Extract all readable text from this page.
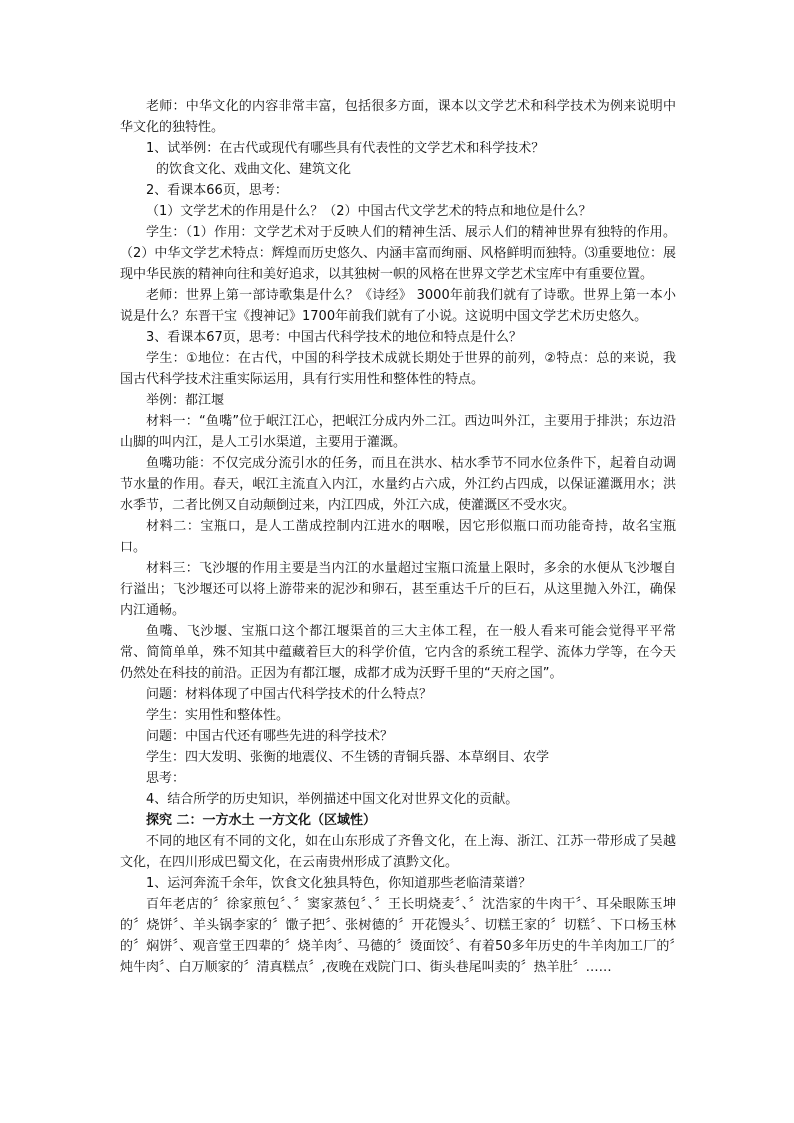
老师：中华文化的内容非常丰富，包括很多方面，课本以文学艺术和科学技术为例来说明中华文化的独特性。

1、试举例：在古代或现代有哪些具有代表性的文学艺术和科学技术？

的饮食文化、戏曲文化、建筑文化

2、看课本66页，思考：

（1）文学艺术的作用是什么？（2）中国古代文学艺术的特点和地位是什么？

学生：（1）作用：文学艺术对于反映人们的精神生活、展示人们的精神世界有独特的作用。（2）中华文学艺术特点：辉煌而历史悠久、内涵丰富而绚丽、风格鲜明而独特。⑶重要地位：展现中华民族的精神向往和美好追求，以其独树一帜的风格在世界文学艺术宝库中有重要位置。

老师：世界上第一部诗歌集是什么？《诗经》 3000年前我们就有了诗歌。世界上第一本小说是什么？东晋干宝《搜神记》1700年前我们就有了小说。这说明中国文学艺术历史悠久。

3、看课本67页，思考：中国古代科学技术的地位和特点是什么？

学生：①地位：在古代，中国的科学技术成就长期处于世界的前列，②特点：总的来说，我国古代科学技术注重实际运用，具有行实用性和整体性的特点。

举例：都江堰

材料一：“鱼嘴”位于岷江江心，把岷江分成内外二江。西边叫外江，主要用于排洪；东边沿山脚的叫内江，是人工引水渠道，主要用于灌溉。

鱼嘴功能：不仅完成分流引水的任务，而且在洪水、枯水季节不同水位条件下，起着自动调节水量的作用。春天，岷江主流直入内江，水量约占六成，外江约占四成，以保证灌溉用水；洪水季节，二者比例又自动颠倒过来，内江四成，外江六成，使灌溉区不受水灾。

材料二：宝瓶口，是人工凿成控制内江进水的咽喉，因它形似瓶口而功能奇持，故名宝瓶口。

材料三：飞沙堰的作用主要是当内江的水量超过宝瓶口流量上限时，多余的水便从飞沙堰自行溢出；飞沙堰还可以将上游带来的泥沙和卵石，甚至重达千斤的巨石，从这里抛入外江，确保内江通畅。

鱼嘴、飞沙堰、宝瓶口这个都江堰渠首的三大主体工程，在一般人看来可能会觉得平平常常、简简单单，殊不知其中蕴藏着巨大的科学价值，它内含的系统工程学、流体力学等，在今天仍然处在科技的前沿。正因为有都江堰，成都才成为沃野千里的“天府之国”。

问题：材料体现了中国古代科学技术的什么特点？

学生：实用性和整体性。

问题：中国古代还有哪些先进的科学技术？

学生：四大发明、张衡的地震仪、不生锈的青铜兵器、本草纲目、农学

思考：

4、结合所学的历史知识，举例描述中国文化对世界文化的贡献。

探究 二：一方水土 一方文化（区域性）

不同的地区有不同的文化，如在山东形成了齐鲁文化，在上海、浙江、江苏一带形成了吴越文化，在四川形成巴蜀文化，在云南贵州形成了滇黔文化。

1、运河奔流千余年，饮食文化独具特色，你知道那些老临清菜谱？

百年老店的〞徐家煎包〞、〞窦家蒸包〞、〞王长明烧麦〞、〞沈浩家的牛肉干〞、耳朵眼陈玉坤的〞烧饼〞、羊头锅李家的〞馓子把〞、张树德的〞开花馒头〞、切糕王家的〞切糕〞、下口杨玉林的〞焖饼〞、观音堂王四辈的〞烧羊肉〞、马德的〞烫面饺〞、有着50多年历史的牛羊肉加工厂的〞炖牛肉〞、白万顺家的〞清真糕点〞,夜晚在戏院门口、街头巷尾叫卖的〞热羊肚〞……
